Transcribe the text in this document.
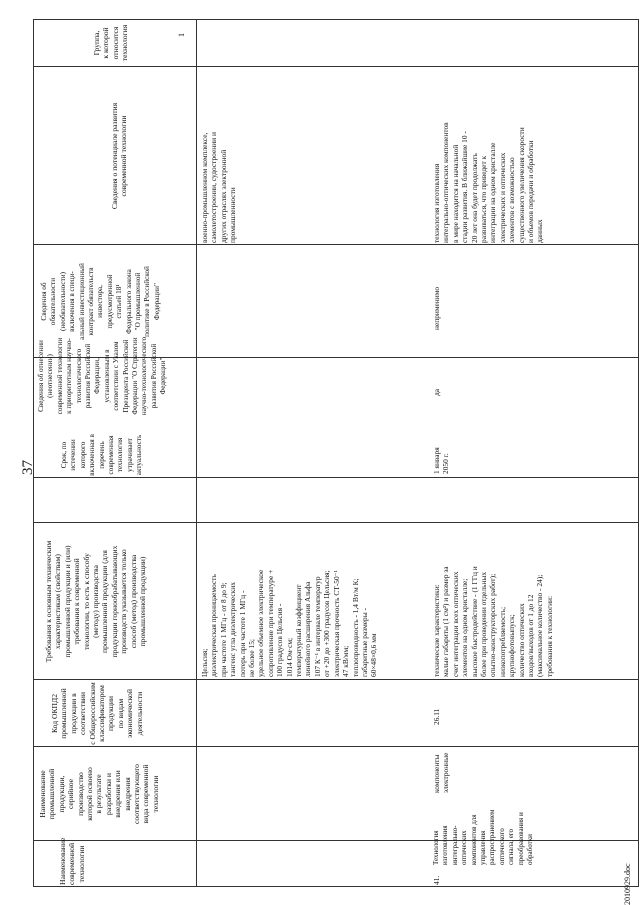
37
2010929.doc
Наименование
современной
технологии
Наименование
промышленной
продукции,
серийное
производство
которой освоено
в результате
разработки и
внедрения или
внедрения
соответствующего
вида современной
технологии
Код ОКПД2
промышленной
продукции в
соответствии
с Общероссийским
классификатором
продукции
по видам
экономической
деятельности
Требования к основным техническим
характеристикам (свойствам)
промышленной продукции и (или)
требования к современной
технологии, то есть к способу
(методу) производства
промышленной продукции (для
продукции горнообрабатывающих
производств указывается только
способ (метод) производства
промышленной продукции)
Срок, по
истечении
которого
включенная в
перечень
современная
технология
утрачивает
актуальность
Сведения об отнесении
(неотнесении)
современной технологии
к приоритетным научно-
технологического
развития Российской
Федерации,
установленным в
соответствии с Указом
Президента Российской
Федерации "О Стратегии
научно-технологического
развития Российской
Федерации"
Сведения об
обязательности
(необязательности)
включения в специ-
альный инвестиционный
контракт обязательств
инвестора,
предусмотренной
статьей 18¹
Федерального закона
"О промышленной
политике в Российской
Федерации"
Сведения о потенциале развития
современной технологии
Группа,
к которой
относится
технология	1
Цельсия;
диэлектрическая проницаемость
при частоте 1 МГц - от 8 до 9;
тангенс угла диэлектрических
потерь при частоте 1 МГц -
не более 15;
удельное объемное электрическое
сопротивление при температуре +
100 градусов Цельсия -
1014 Ом·см;
температурный коэффициент
линейного расширения Альфа
107 К⁻¹ в интервале температур
от +20 до +300 градусов Цельсия;
электрическая прочность СТ-50⁻¹
47 кВ/мм;
теплопроводность - 1,4 Вт/м К;
габаритные размеры -
60×48×0,6 мм
военно-промышленном комплексе,
самолетостроении, судостроении и
других отраслях электронной
промышленности
41.
Технология
изготовления
интегрально-
оптических
компонентов для
управления
распространением
оптического
сигнала, его
преобразования и
обработки
компоненты
электронные
26.11
технические характеристики:
малые габариты (1 см²) и размер за
счет интеграции всех оптических
элементов на одном кристалле;
высокое быстродействие - (1 ГГц и
более при проведении отдельных
опытно-конструкторских работ);
низкопотребляемость;
крупнофотовыпуск;
количество оптических
входов/выходов от 1 до 12
(максимальное количество - 24);
требования к технологии:
1 января
2050 г.
да
неприменимо
технология изготовления
интегрально-оптических компонентов
в мире находится на начальной
стадии развития. В ближайшие 10 -
20 лет она будет продолжать
развиваться, что приведет к
интеграции на одном кристалле
электрических и оптических
элементов с возможностью
существенного увеличения скорости
и объемов передачи и обработки
данных
